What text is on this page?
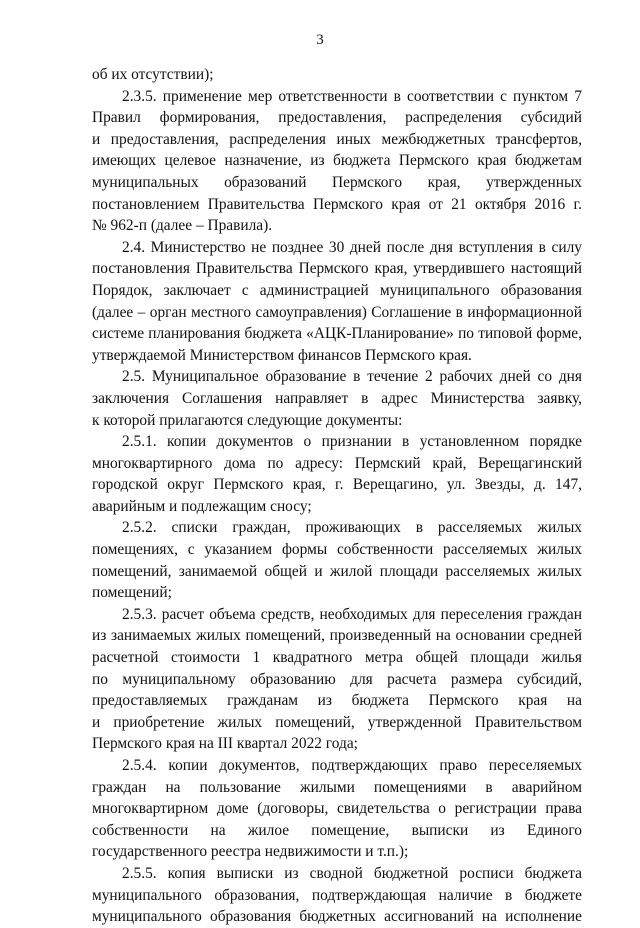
3
об их отсутствии);
2.3.5. применение мер ответственности в соответствии с пунктом 7
Правил формирования, предоставления, распределения субсидий
и предоставления, распределения иных межбюджетных трансфертов,
имеющих целевое назначение, из бюджета Пермского края бюджетам
муниципальных образований Пермского края, утвержденных
постановлением Правительства Пермского края от 21 октября 2016 г.
№ 962-п (далее – Правила).
2.4. Министерство не позднее 30 дней после дня вступления в силу
постановления Правительства Пермского края, утвердившего настоящий
Порядок, заключает с администрацией муниципального образования
(далее – орган местного самоуправления) Соглашение в информационной
системе планирования бюджета «АЦК-Планирование» по типовой форме,
утверждаемой Министерством финансов Пермского края.
2.5. Муниципальное образование в течение 2 рабочих дней со дня
заключения Соглашения направляет в адрес Министерства заявку,
к которой прилагаются следующие документы:
2.5.1. копии документов о признании в установленном порядке
многоквартирного дома по адресу: Пермский край, Верещагинский
городской округ Пермского края, г. Верещагино, ул. Звезды, д. 147,
аварийным и подлежащим сносу;
2.5.2. списки граждан, проживающих в расселяемых жилых
помещениях, с указанием формы собственности расселяемых жилых
помещений, занимаемой общей и жилой площади расселяемых жилых
помещений;
2.5.3. расчет объема средств, необходимых для переселения граждан
из занимаемых жилых помещений, произведенный на основании средней
расчетной стоимости 1 квадратного метра общей площади жилья
по муниципальному образованию для расчета размера субсидий,
предоставляемых гражданам из бюджета Пермского края на
и приобретение жилых помещений, утвержденной Правительством
Пермского края на III квартал 2022 года;
2.5.4. копии документов, подтверждающих право переселяемых
граждан на пользование жилыми помещениями в аварийном
многоквартирном доме (договоры, свидетельства о регистрации права
собственности на жилое помещение, выписки из Единого
государственного реестра недвижимости и т.п.);
2.5.5. копия выписки из сводной бюджетной росписи бюджета
муниципального образования, подтверждающая наличие в бюджете
муниципального образования бюджетных ассигнований на исполнение
